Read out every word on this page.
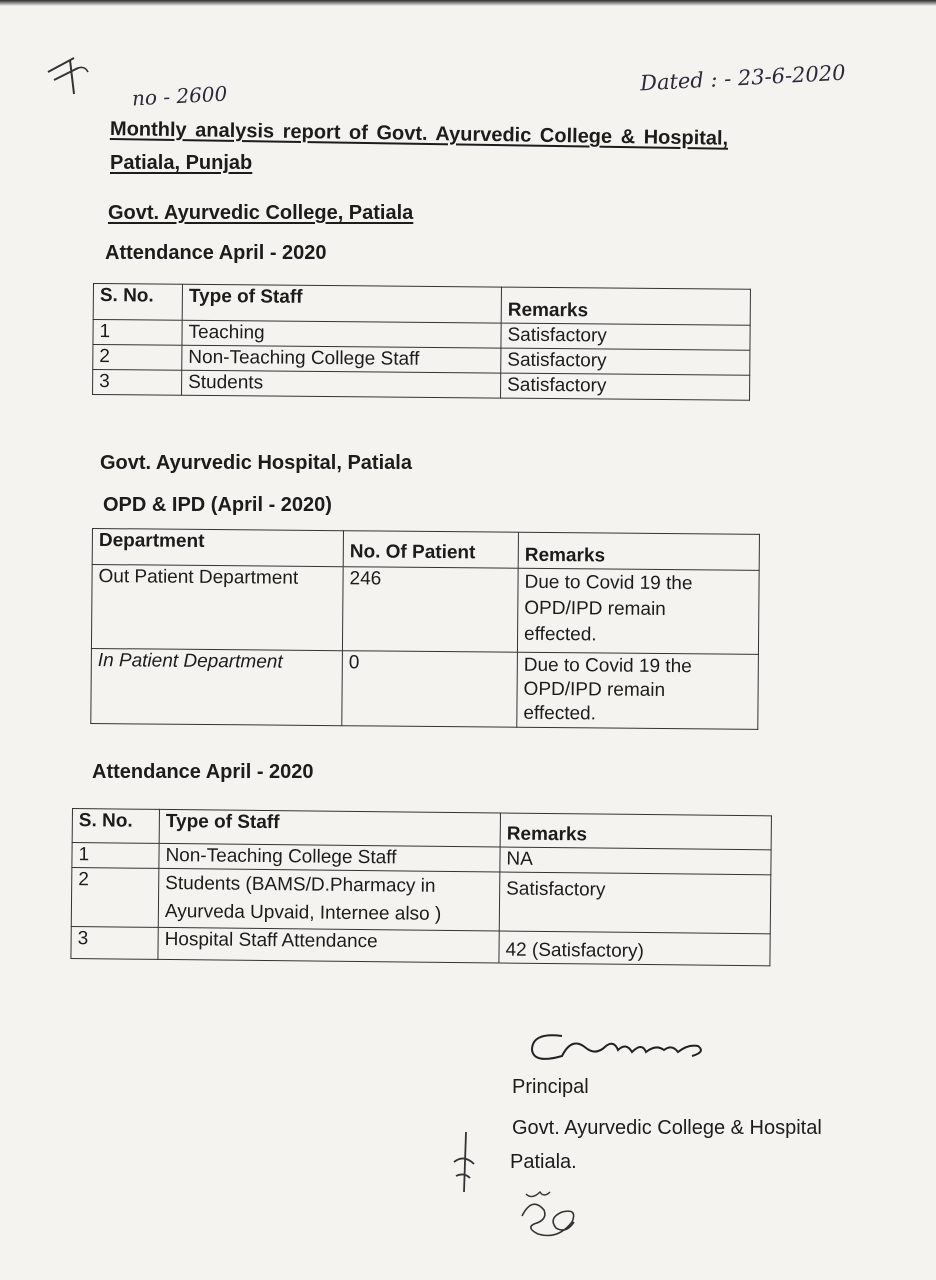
no - 2600
Dated : - 23-6-2020
Monthly analysis report of Govt. Ayurvedic College & Hospital,
Patiala, Punjab
Govt. Ayurvedic College, Patiala
Attendance April - 2020
S. No.	Type of Staff	Remarks
1	Teaching	Satisfactory
2	Non-Teaching College Staff	Satisfactory
3	Students	Satisfactory
Govt. Ayurvedic Hospital, Patiala
OPD & IPD (April - 2020)
Department	No. Of Patient	Remarks
Out Patient Department	246	Due to Covid 19 the
OPD/IPD remain
effected.

In Patient Department	0	Due to Covid 19 the
OPD/IPD remain
effected.
Attendance April - 2020
S. No.	Type of Staff	Remarks
1	Non-Teaching College Staff	NA
2	Students (BAMS/D.Pharmacy in
Ayurveda Upvaid, Internee also )	Satisfactory
3	Hospital Staff Attendance	42 (Satisfactory)
Principal
Govt. Ayurvedic College & Hospital
Patiala.
